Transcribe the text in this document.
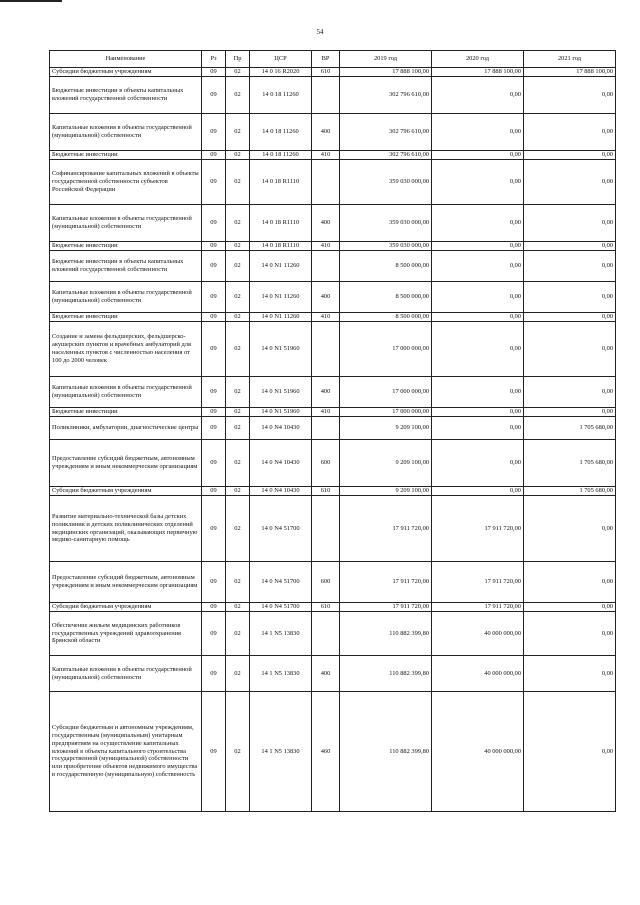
54
Наименование	Рз	Пр	ЦСР	ВР	2019 год	2020 год	2021 год
Субсидии бюджетным учреждениям	09	02	14 0 16 R2020	610	17 888 100,00	17 888 100,00	17 888 100,00
Бюджетные инвестиции в объекты капитальных вложений государственной собственности	09	02	14 0 18 11260		302 796 610,00	0,00	0,00
Капитальные вложения в объекты государственной (муниципальной) собственности	09	02	14 0 18 11260	400	302 796 610,00	0,00	0,00
Бюджетные инвестиции	09	02	14 0 18 11260	410	302 796 610,00	0,00	0,00
Софинансирование капитальных вложений в объекты государственной собственности субъектов Российской Федерации	09	02	14 0 18 R1110		359 030 000,00	0,00	0,00
Капитальные вложения в объекты государственной (муниципальной) собственности	09	02	14 0 18 R1110	400	359 030 000,00	0,00	0,00
Бюджетные инвестиции	09	02	14 0 18 R1110	410	359 030 000,00	0,00	0,00
Бюджетные инвестиции в объекты капитальных вложений государственной собственности	09	02	14 0 N1 11260		8 500 000,00	0,00	0,00
Капитальные вложения в объекты государственной (муниципальной) собственности	09	02	14 0 N1 11260	400	8 500 000,00	0,00	0,00
Бюджетные инвестиции	09	02	14 0 N1 11260	410	8 500 000,00	0,00	0,00
Создание и замена фельдшерских, фельдшерско-акушерских пунктов и врачебных амбулаторий для населенных пунктов с численностью населения от 100 до 2000 человек	09	02	14 0 N1 51960		17 000 000,00	0,00	0,00
Капитальные вложения в объекты государственной (муниципальной) собственности	09	02	14 0 N1 51960	400	17 000 000,00	0,00	0,00
Бюджетные инвестиции	09	02	14 0 N1 51960	410	17 000 000,00	0,00	0,00
Поликлиники, амбулатории, диагностические центры	09	02	14 0 N4 10430		9 209 100,00	0,00	1 705 680,00
Предоставление субсидий бюджетным, автономным учреждениям и иным некоммерческим организациям	09	02	14 0 N4 10430	600	9 209 100,00	0,00	1 705 680,00
Субсидии бюджетным учреждениям	09	02	14 0 N4 10430	610	9 209 100,00	0,00	1 705 680,00
Развитие материально-технической базы детских поликлиник и детских поликлинических отделений медицинских организаций, оказывающих первичную медико-санитарную помощь	09	02	14 0 N4 51700		17 911 720,00	17 911 720,00	0,00
Предоставление субсидий бюджетным, автономным учреждениям и иным некоммерческим организациям	09	02	14 0 N4 51700	600	17 911 720,00	17 911 720,00	0,00
Субсидии бюджетным учреждениям	09	02	14 0 N4 51700	610	17 911 720,00	17 911 720,00	0,00
Обеспечение жильем медицинских работников государственных учреждений здравоохранения Брянской области	09	02	14 1 N5 13830		110 882 399,80	40 000 000,00	0,00
Капитальные вложения в объекты государственной (муниципальной) собственности	09	02	14 1 N5 13830	400	110 882 399,80	40 000 000,00	0,00
Субсидии бюджетным и автономным учреждениям, государственным (муниципальным) унитарным предприятиям на осуществление капитальных вложений в объекты капитального строительства государственной (муниципальной) собственности или приобретение объектов недвижимого имущества в государственную (муниципальную) собственность	09	02	14 1 N5 13830	460	110 882 399,80	40 000 000,00	0,00
